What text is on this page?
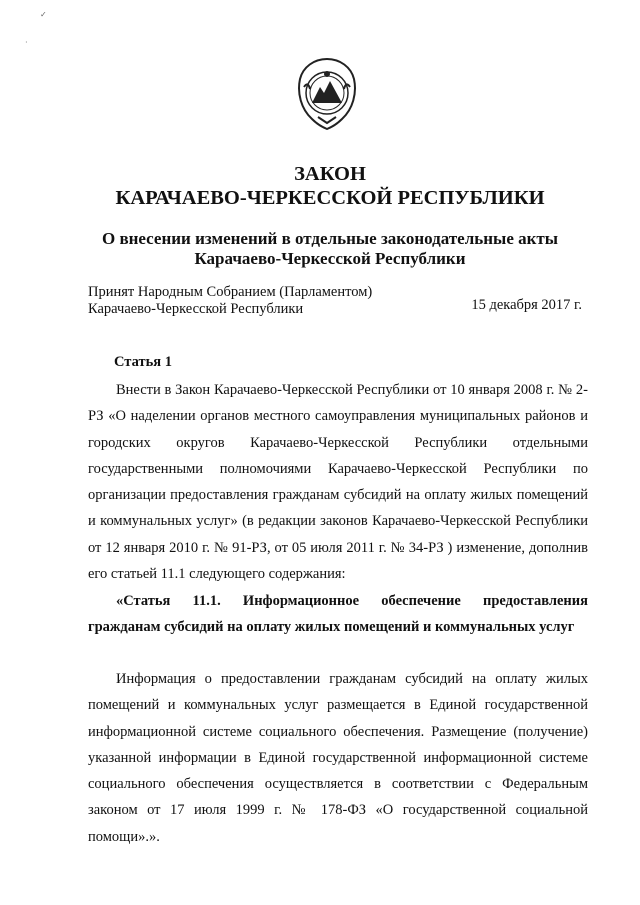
✓
·
ЗАКОН
КАРАЧАЕВО-ЧЕРКЕССКОЙ РЕСПУБЛИКИ
О внесении изменений в отдельные законодательные акты
Карачаево-Черкесской Республики
Принят Народным Собранием (Парламентом)
Карачаево-Черкесской Республики	15 декабря 2017 г.
Статья 1

Внести в Закон Карачаево-Черкесской Республики от 10 января 2008 г. № 2-РЗ «О наделении органов местного самоуправления муниципальных районов и городских округов Карачаево-Черкесской Республики отдельными государственными полномочиями Карачаево-Черкесской Республики по организации предоставления гражданам субсидий на оплату жилых помещений и коммунальных услуг» (в редакции законов Карачаево-Черкесской Республики от 12 января 2010 г. № 91-РЗ, от 05 июля 2011 г. № 34-РЗ ) изменение, дополнив его статьей 11.1 следующего содержания:

«Статья 11.1. Информационное обеспечение предоставления гражданам субсидий на оплату жилых помещений и коммунальных услуг

Информация о предоставлении гражданам субсидий на оплату жилых помещений и коммунальных услуг размещается в Единой государственной информационной системе социального обеспечения. Размещение (получение) указанной информации в Единой государственной информационной системе социального обеспечения осуществляется в соответствии с Федеральным законом от 17 июля 1999 г. № 178-ФЗ «О государственной социальной помощи».».
